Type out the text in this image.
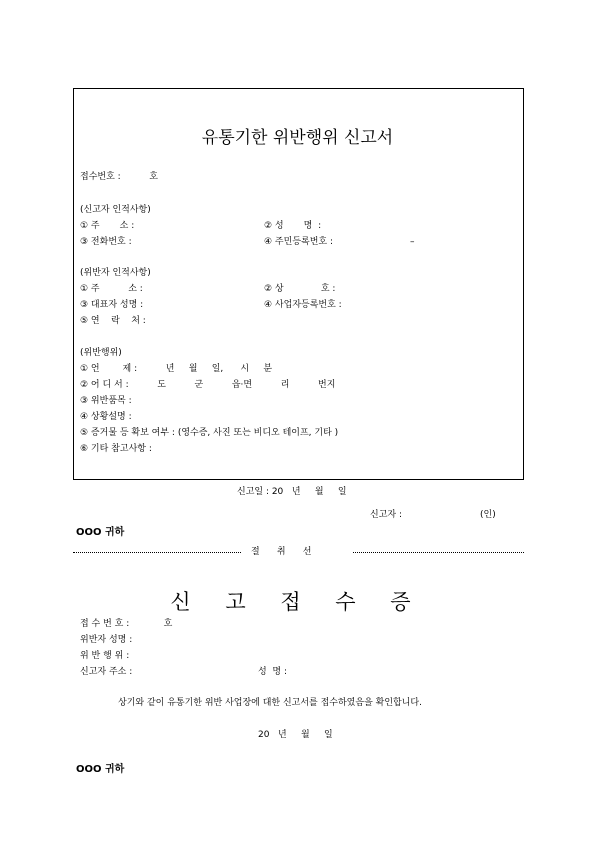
유통기한 위반행위 신고서
접수번호 :          호
(신고자 인적사항)
① 주       소 :	② 성       명  :
③ 전화번호 :	④ 주민등록번호 :	–
(위반자 인적사항)
① 주          소 :	② 상             호 :
③ 대표자 성명 :	④ 사업자등록번호 :
⑤ 연    락    처 :
(위반행위)
① 언        제 :          년     월     일,      시     분
② 어 디 서 :          도          군          읍·면          리          번지
③ 위반품목 :
④ 상황설명 :
⑤ 증거물 등 확보 여부 : (영수증, 사진 또는 비디오 테이프, 기타 )
⑥ 기타 참고사항 :
신고일 : 20   년     월     일
신고자 :	(인)
OOO 귀하
절      취      선
신 고 접 수 증
접 수 번 호 :            호
위반자 성명 :
위 반 행 위 :
신고자 주소 :	성  명 :
상기와 같이 유통기한 위반 사업장에 대한 신고서를 접수하였음을 확인합니다.
20   년     월     일
OOO 귀하
